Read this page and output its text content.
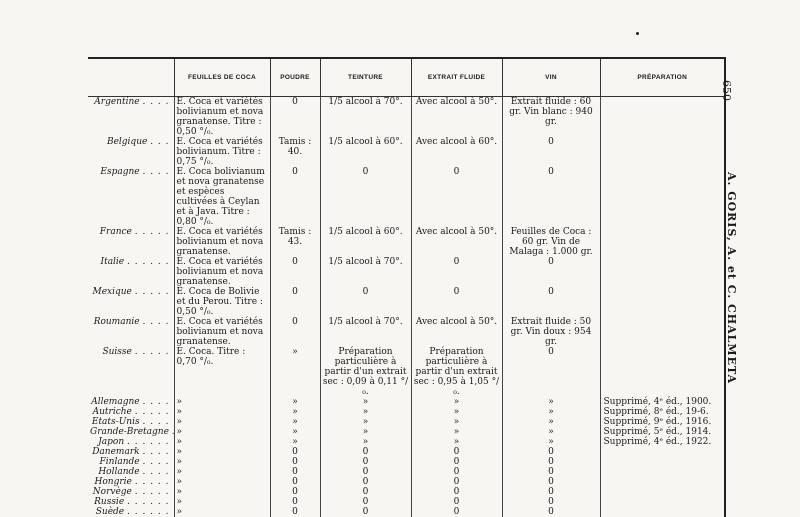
	FEUILLES DE COCA	POUDRE	TEINTURE	EXTRAIT FLUIDE	VIN	PRÉPARATION
Argentine . . . .	E. Coca et variétés bolivianum et nova granatense. Titre : 0,50 °/₀.	0	1/5 alcool à 70°.	Avec alcool à 50°.	Extrait fluide : 60 gr. Vin blanc : 940 gr.	
Belgique . . .	E. Coca et variétés bolivianum. Titre : 0,75 °/₀.	Tamis : 40.	1/5 alcool à 60°.	Avec alcool à 60°.	0	
Espagne . . . .	E. Coca bolivianum et nova granatense et espèces cultivées à Ceylan et à Java. Titre : 0,80 °/₀.	0	0	0	0	
France . . . . .	E. Coca et variétés bolivianum et nova granatense.	Tamis : 43.	1/5 alcool à 60°.	Avec alcool à 50°.	Feuilles de Coca : 60 gr. Vin de Malaga : 1.000 gr.	
Italie . . . . . .	E. Coca et variétés bolivianum et nova granatense.	0	1/5 alcool à 70°.	0	0	
Mexique . . . . .	E. Coca de Bolivie et du Perou. Titre : 0,50 °/₀.	0	0	0	0	
Roumanie . . . .	E. Coca et variétés bolivianum et nova granatense.	0	1/5 alcool à 70°.	Avec alcool à 50°.	Extrait fluide : 50 gr. Vin doux : 954 gr.	
Suisse . . . . .	E. Coca. Titre : 0,70 °/₀.	»	Préparation particulière à partir d'un extrait sec : 0,09 à 0,11 °/₀.	Préparation particulière à partir d'un extrait sec : 0,95 à 1,05 °/₀.	0	
Allemagne . . . .	»	»	»	»	»	Supprimé, 4ᵉ éd., 1900.
Autriche . . . . .	»	»	»	»	»	Supprimé, 8ᵉ éd., 19-6.
Etats-Unis . . . .	»	»	»	»	»	Supprimé, 9ᵉ éd., 1916.
Grande-Bretagne .	»	»	»	»	»	Supprimé, 5ᵉ éd., 1914.
Japon . . . . . .	»	»	»	»	»	Supprimé, 4ᵉ éd., 1922.
Danemark . . . .	»	0	0	0	0	
Finlande . . . .	»	0	0	0	0	
Hollande . . . .	»	0	0	0	0	
Hongrie . . . . .	»	0	0	0	0	
Norvège . . . . .	»	0	0	0	0	
Russie . . . . . .	»	0	0	0	0	
Suède . . . . . .	»	0	0	0	0	
650
A. GORIS, A. et C. CHALMETA
